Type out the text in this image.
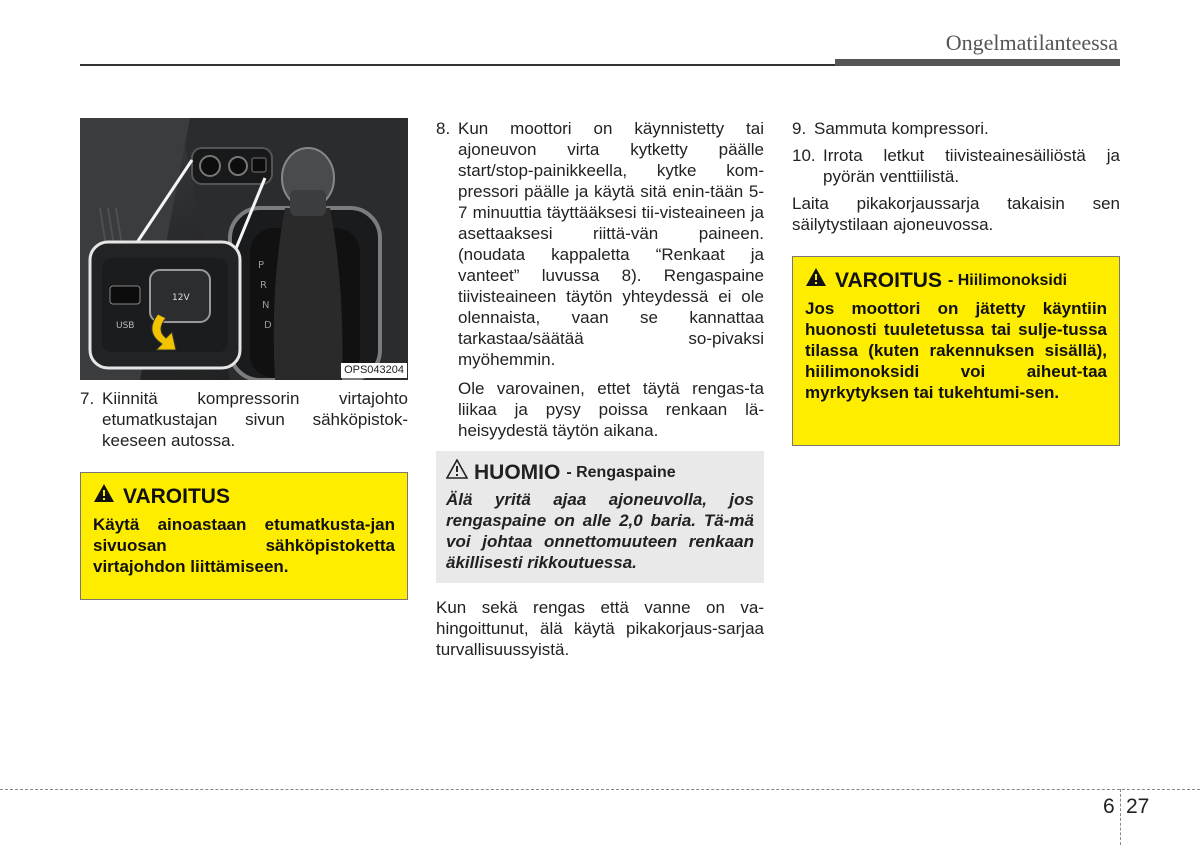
Ongelmatilanteessa
P
R
N
D
USB
12V
OPS043204
7. Kiinnitä kompressorin virtajohto etumatkustajan sivun sähköpistok-keeseen autossa.
VAROITUS
Käytä ainoastaan etumatkusta-jan sivuosan sähköpistoketta virtajohdon liittämiseen.
8. Kun moottori on käynnistetty tai ajoneuvon virta kytketty päälle start/stop-painikkeella, kytke kom-pressori päälle ja käytä sitä enin-tään 5-7 minuuttia täyttääksesi tii-visteaineen ja asettaaksesi riittä-vän paineen. (noudata kappaletta “Renkaat ja vanteet” luvussa 8). Rengaspaine tiivisteaineen täytön yhteydessä ei ole olennaista, vaan se kannattaa tarkastaa/säätää so-pivaksi myöhemmin.

Ole varovainen, ettet täytä rengas-ta liikaa ja pysy poissa renkaan lä-heisyydestä täytön aikana.

HUOMIO - Rengaspaine
Älä yritä ajaa ajoneuvolla, jos rengaspaine on alle 2,0 baria. Tä-mä voi johtaa onnettomuuteen renkaan äkillisesti rikkoutuessa.

Kun sekä rengas että vanne on va-hingoittunut, älä käytä pikakorjaus-sarjaa turvallisuussyistä.

9. Sammuta kompressori.
10. Irrota letkut tiivisteainesäiliöstä ja pyörän venttiilistä.

Laita pikakorjaussarja takaisin sen säilytystilaan ajoneuvossa.

VAROITUS - Hiilimonoksidi
Jos moottori on jätetty käyntiin huonosti tuuletetussa tai sulje-tussa tilassa (kuten rakennuksen sisällä), hiilimonoksidi voi aiheut-taa myrkytyksen tai tukehtumi-sen.
6 27
